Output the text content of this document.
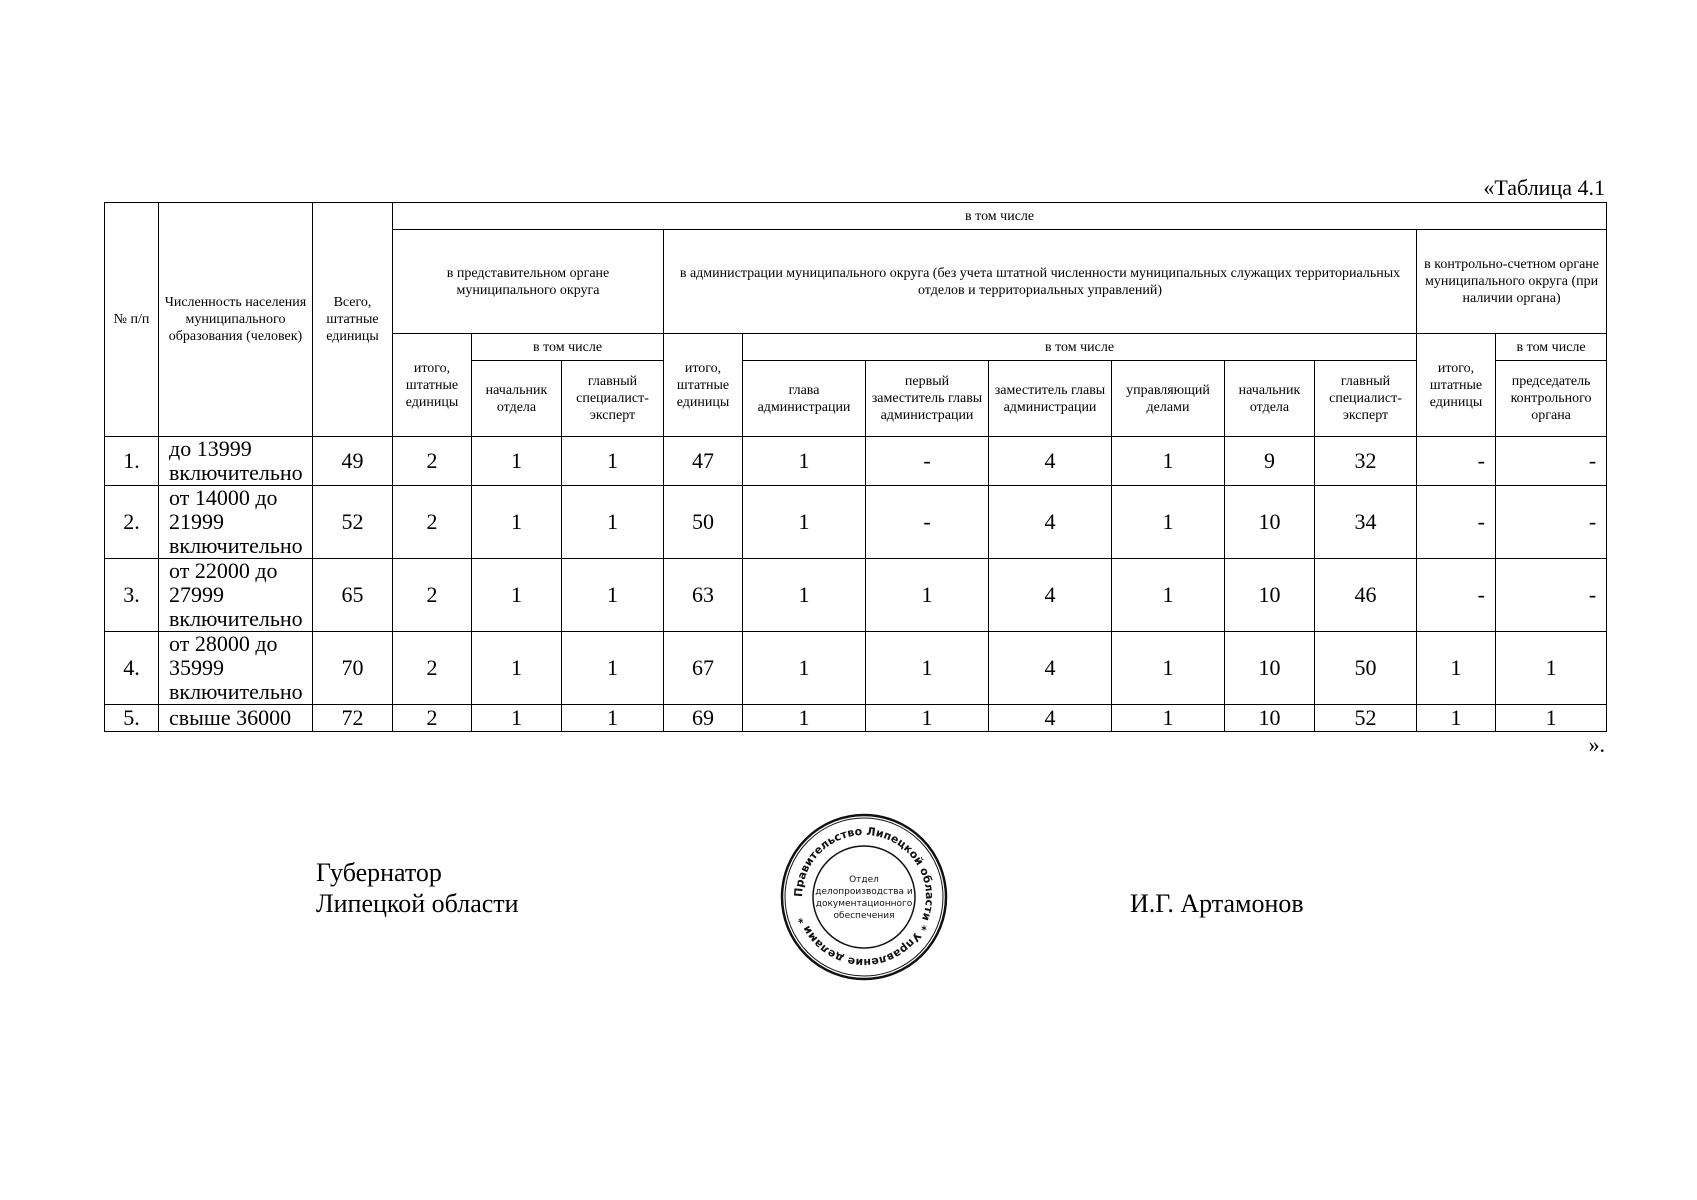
«Таблица 4.1
№ п/п	Численность населения муниципального образования (человек)	Всего, штатные единицы	в том числе											
			в представительном органе муниципального округа			в администрации муниципального округа (без учета штатной численности муниципальных служащих территориальных отделов и территориальных управлений)							в контрольно-счетном органе муниципального округа (при наличии органа)	
			итого, штатные единицы	в том числе		итого, штатные единицы	в том числе						итого, штатные единицы	в том числе
				начальник отдела	главный специалист-эксперт		глава администрации	первый заместитель главы администрации	заместитель главы администрации	управляющий делами	начальник отдела	главный специалист-эксперт		председатель контрольного органа
1.	до 13999 включительно	49	2	1	1	47	1	-	4	1	9	32	-	-
2.	от 14000 до 21999 включительно	52	2	1	1	50	1	-	4	1	10	34	-	-
3.	от 22000 до 27999 включительно	65	2	1	1	63	1	1	4	1	10	46	-	-
4.	от 28000 до 35999 включительно	70	2	1	1	67	1	1	4	1	10	50	1	1
5.	свыше 36000	72	2	1	1	69	1	1	4	1	10	52	1	1
».
Губернатор
Липецкой области	И.Г. Артамонов
Правительство Липецкой области * Управление делами *
Отдел
делопроизводства и
документационного
обеспечения
